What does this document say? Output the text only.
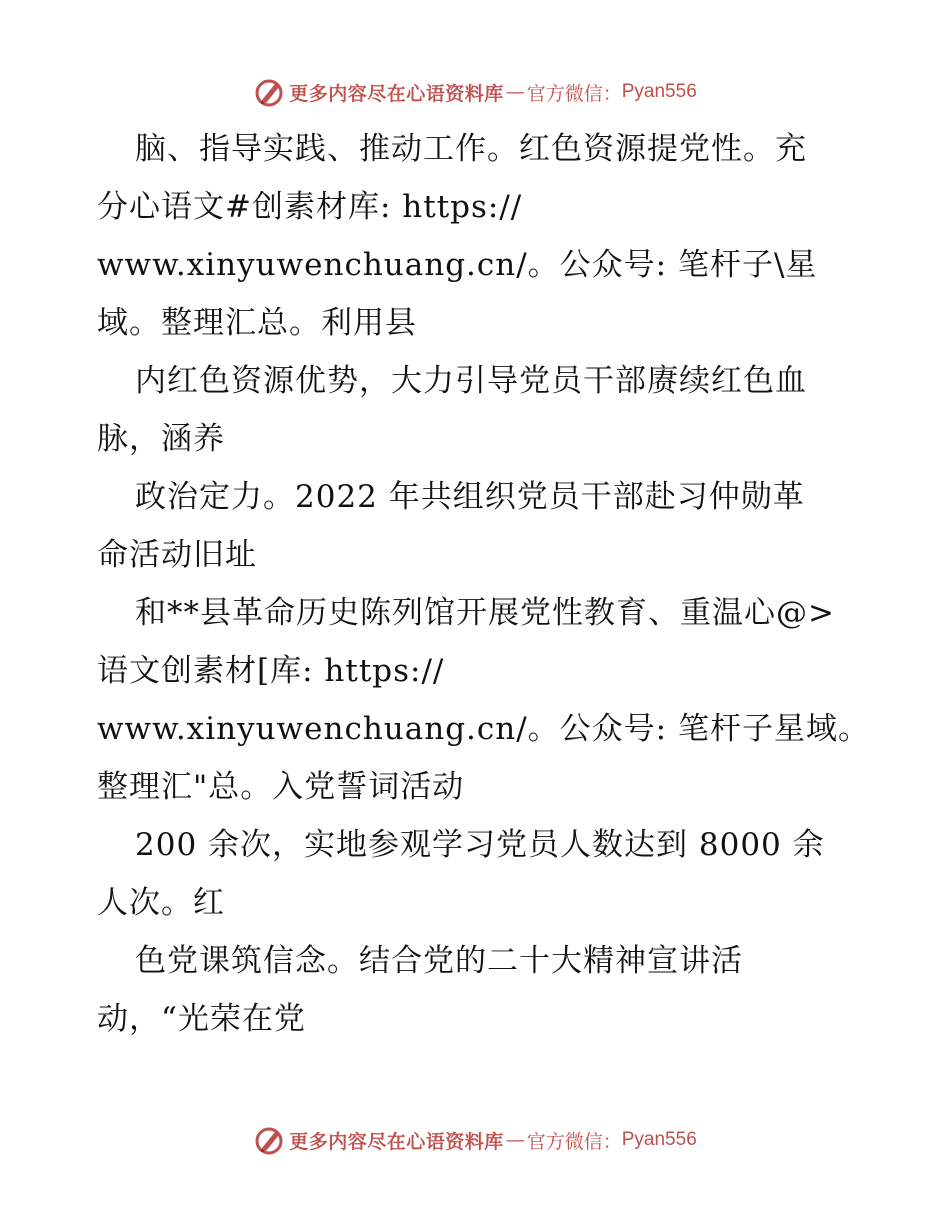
更多内容尽在心语资料库 — 官方微信： Pyan556
脑、指导实践、推动工作。红色资源提党性。充
分心语文#创素材库: https://
www.xinyuwenchuang.cn/。公众号: 笔杆子\星
域。整理汇总。利用县
内红色资源优势，大力引导党员干部赓续红色血
脉，涵养
政治定力。2022 年共组织党员干部赴习仲勋革
命活动旧址
和**县革命历史陈列馆开展党性教育、重温心@>
语文创素材[库: https://
www.xinyuwenchuang.cn/。公众号: 笔杆子星域。
整理汇"总。入党誓词活动
200 余次，实地参观学习党员人数达到 8000 余
人次。红
色党课筑信念。结合党的二十大精神宣讲活
动，“光荣在党
更多内容尽在心语资料库 — 官方微信： Pyan556
